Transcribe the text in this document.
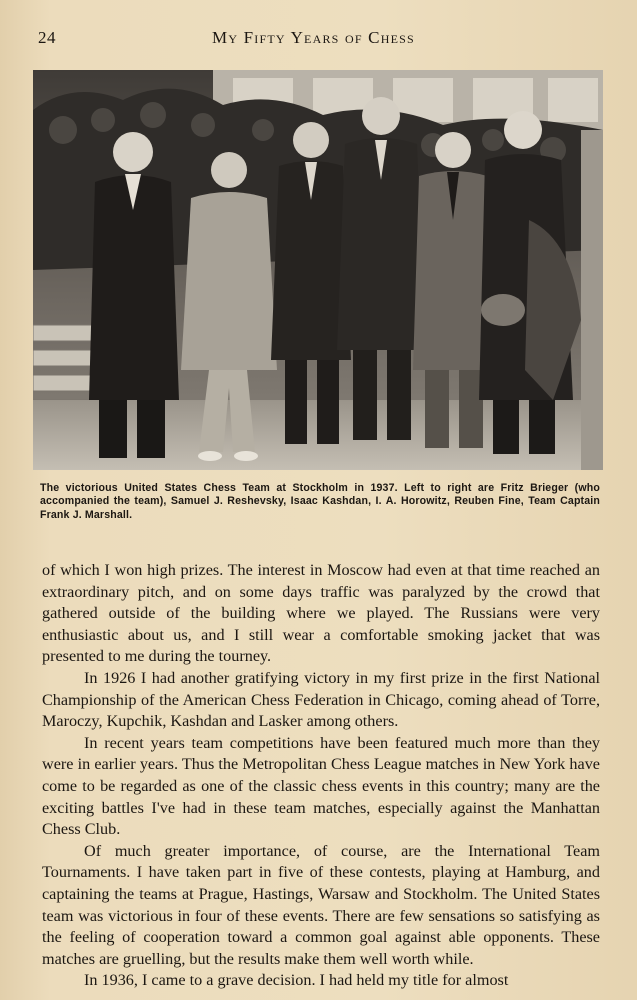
24	My Fifty Years of Chess

The victorious United States Chess Team at Stockholm in 1937. Left to right are Fritz Brieger (who accompanied the team), Samuel J. Reshevsky, Isaac Kashdan, I. A. Horowitz, Reuben Fine, Team Captain Frank J. Marshall.

of which I won high prizes. The interest in Moscow had even at that time reached an extraordinary pitch, and on some days traffic was paralyzed by the crowd that gathered outside of the building where we played. The Russians were very enthusiastic about us, and I still wear a comfortable smoking jacket that was presented to me during the tourney.

In 1926 I had another gratifying victory in my first prize in the first National Championship of the American Chess Federation in Chicago, coming ahead of Torre, Maroczy, Kupchik, Kashdan and Lasker among others.

In recent years team competitions have been featured much more than they were in earlier years. Thus the Metropolitan Chess League matches in New York have come to be regarded as one of the classic chess events in this country; many are the exciting battles I've had in these team matches, especially against the Manhattan Chess Club.

Of much greater importance, of course, are the International Team Tournaments. I have taken part in five of these contests, playing at Hamburg, and captaining the teams at Prague, Hastings, Warsaw and Stockholm. The United States team was victorious in four of these events. There are few sensations so satisfying as the feeling of cooperation toward a common goal against able opponents. These matches are gruelling, but the results make them well worth while.

In 1936, I came to a grave decision. I had held my title for almost
